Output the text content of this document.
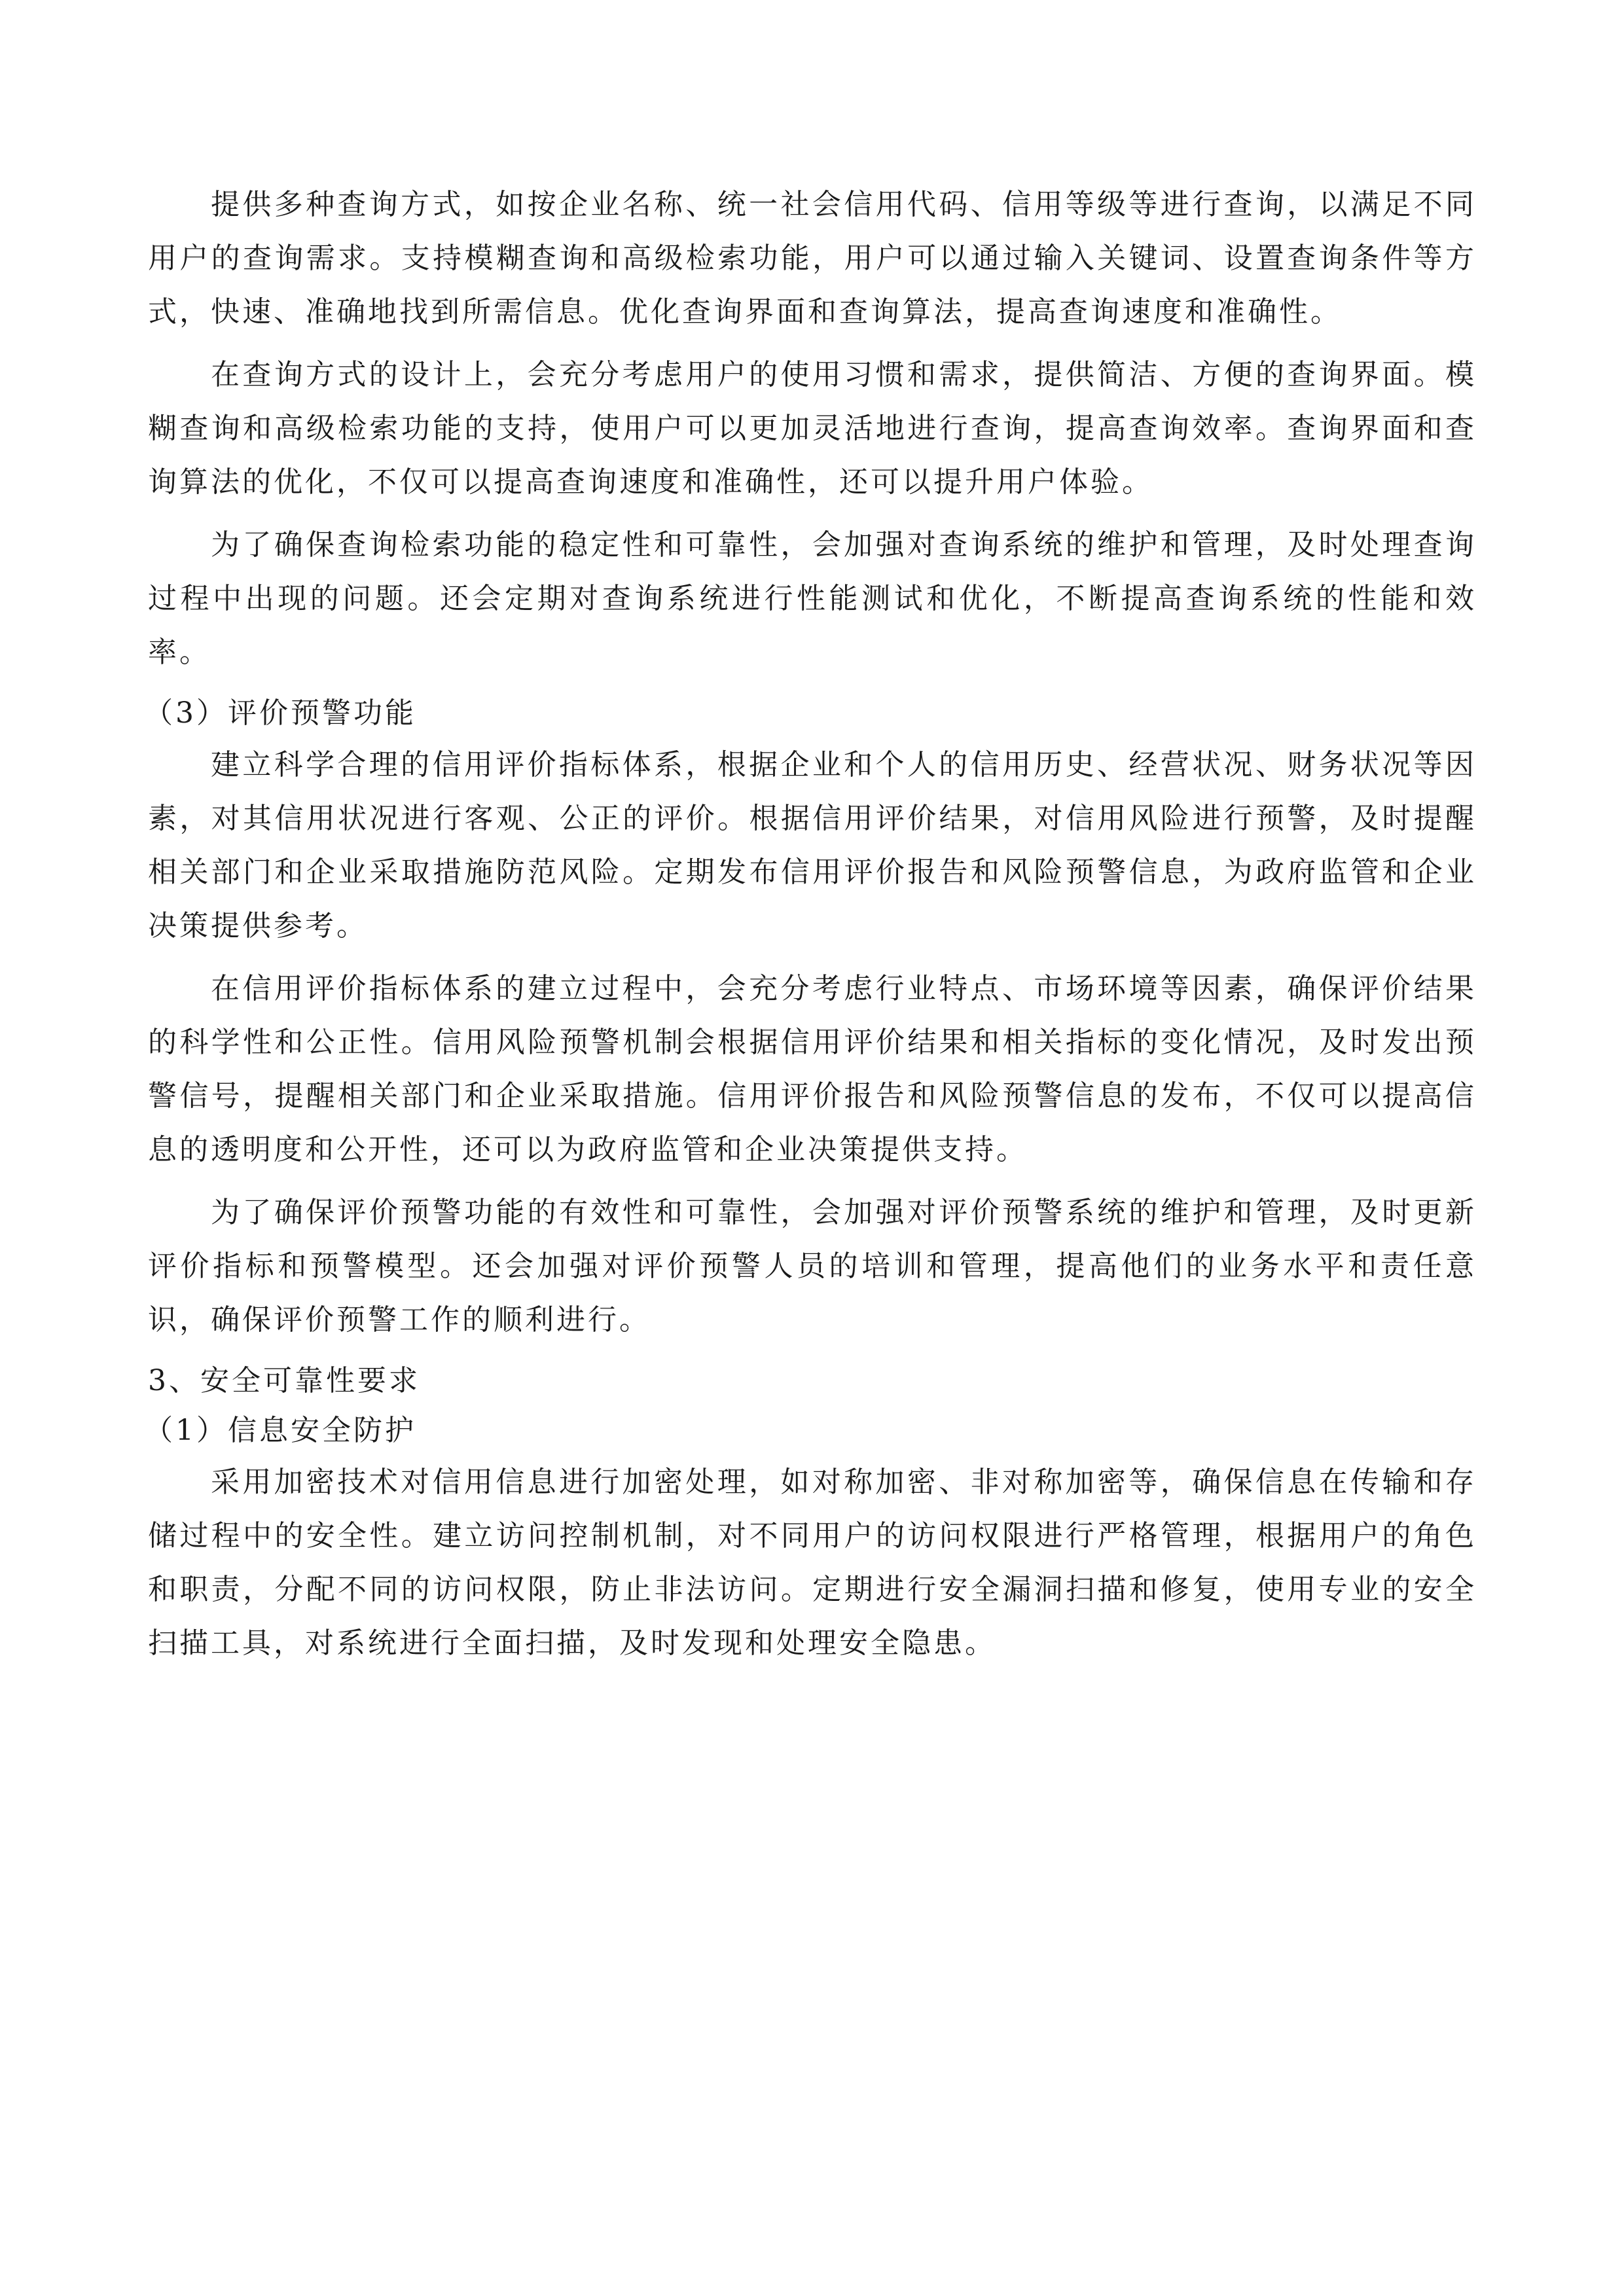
提供多种查询方式，如按企业名称、统一社会信用代码、信用等级等进行查询，以满足不同用户的查询需求。支持模糊查询和高级检索功能，用户可以通过输入关键词、设置查询条件等方式，快速、准确地找到所需信息。优化查询界面和查询算法，提高查询速度和准确性。

在查询方式的设计上，会充分考虑用户的使用习惯和需求，提供简洁、方便的查询界面。模糊查询和高级检索功能的支持，使用户可以更加灵活地进行查询，提高查询效率。查询界面和查询算法的优化，不仅可以提高查询速度和准确性，还可以提升用户体验。

为了确保查询检索功能的稳定性和可靠性，会加强对查询系统的维护和管理，及时处理查询过程中出现的问题。还会定期对查询系统进行性能测试和优化，不断提高查询系统的性能和效率。

（3）评价预警功能

建立科学合理的信用评价指标体系，根据企业和个人的信用历史、经营状况、财务状况等因素，对其信用状况进行客观、公正的评价。根据信用评价结果，对信用风险进行预警，及时提醒相关部门和企业采取措施防范风险。定期发布信用评价报告和风险预警信息，为政府监管和企业决策提供参考。

在信用评价指标体系的建立过程中，会充分考虑行业特点、市场环境等因素，确保评价结果的科学性和公正性。信用风险预警机制会根据信用评价结果和相关指标的变化情况，及时发出预警信号，提醒相关部门和企业采取措施。信用评价报告和风险预警信息的发布，不仅可以提高信息的透明度和公开性，还可以为政府监管和企业决策提供支持。

为了确保评价预警功能的有效性和可靠性，会加强对评价预警系统的维护和管理，及时更新评价指标和预警模型。还会加强对评价预警人员的培训和管理，提高他们的业务水平和责任意识，确保评价预警工作的顺利进行。

3、安全可靠性要求
（1）信息安全防护

采用加密技术对信用信息进行加密处理，如对称加密、非对称加密等，确保信息在传输和存储过程中的安全性。建立访问控制机制，对不同用户的访问权限进行严格管理，根据用户的角色和职责，分配不同的访问权限，防止非法访问。定期进行安全漏洞扫描和修复，使用专业的安全扫描工具，对系统进行全面扫描，及时发现和处理安全隐患。
